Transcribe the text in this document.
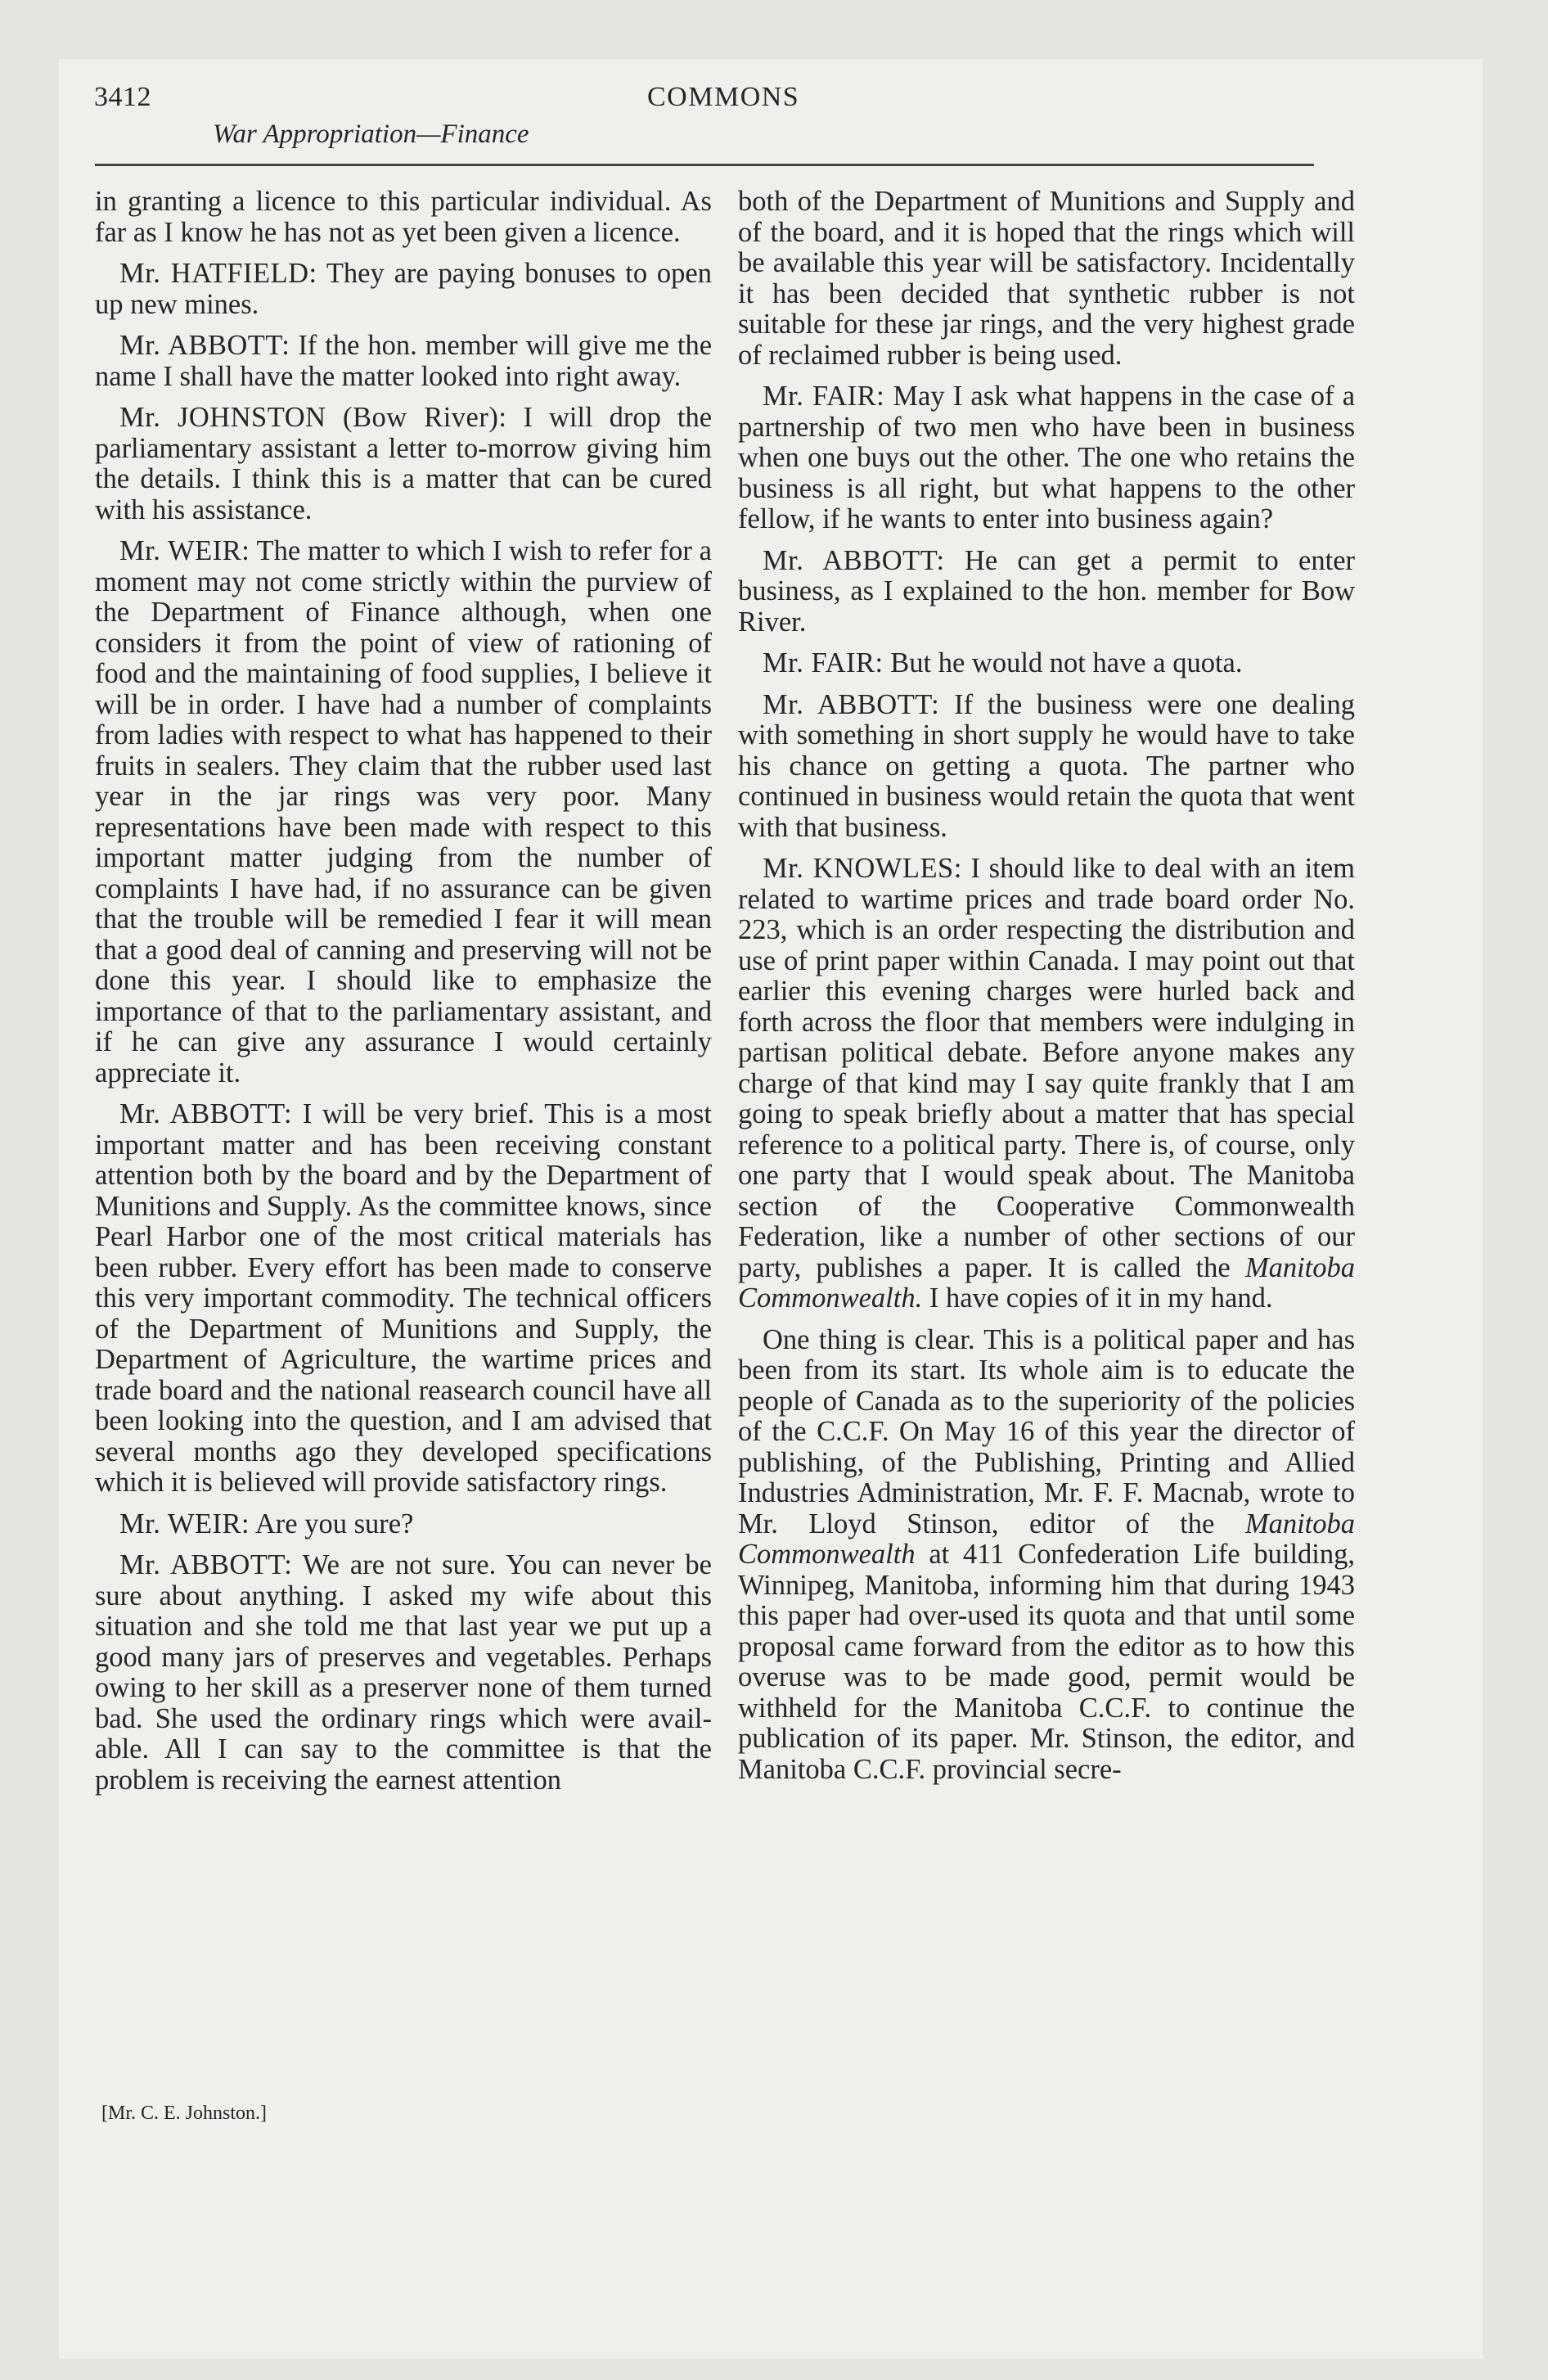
3412	COMMONS
War Appropriation—Finance

in granting a licence to this particular individual. As far as I know he has not as yet been given a licence.

Mr. HATFIELD: They are paying bonuses to open up new mines.

Mr. ABBOTT: If the hon. member will give me the name I shall have the matter looked into right away.

Mr. JOHNSTON (Bow River): I will drop the parliamentary assistant a letter to-morrow giving him the details. I think this is a matter that can be cured with his assistance.

Mr. WEIR: The matter to which I wish to refer for a moment may not come strictly within the purview of the Department of Finance although, when one considers it from the point of view of rationing of food and the maintaining of food supplies, I believe it will be in order. I have had a number of complaints from ladies with respect to what has happened to their fruits in sealers. They claim that the rubber used last year in the jar rings was very poor. Many representations have been made with respect to this important matter judging from the number of complaints I have had, if no assurance can be given that the trouble will be remedied I fear it will mean that a good deal of canning and preserving will not be done this year. I should like to emphasize the importance of that to the parliamentary assistant, and if he can give any assurance I would certainly appreciate it.

Mr. ABBOTT: I will be very brief. This is a most important matter and has been receiving constant attention both by the board and by the Department of Munitions and Supply. As the committee knows, since Pearl Harbor one of the most critical materials has been rubber. Every effort has been made to conserve this very important commodity. The technical officers of the Department of Munitions and Supply, the Department of Agriculture, the wartime prices and trade board and the national reasearch council have all been looking into the question, and I am advised that several months ago they developed specifications which it is believed will provide satisfactory rings.

Mr. WEIR: Are you sure?

Mr. ABBOTT: We are not sure. You can never be sure about anything. I asked my wife about this situation and she told me that last year we put up a good many jars of preserves and vegetables. Perhaps owing to her skill as a preserver none of them turned bad. She used the ordinary rings which were available. All I can say to the committee is that the problem is receiving the earnest attention

both of the Department of Munitions and Supply and of the board, and it is hoped that the rings which will be available this year will be satisfactory. Incidentally it has been decided that synthetic rubber is not suitable for these jar rings, and the very highest grade of reclaimed rubber is being used.

Mr. FAIR: May I ask what happens in the case of a partnership of two men who have been in business when one buys out the other. The one who retains the business is all right, but what happens to the other fellow, if he wants to enter into business again?

Mr. ABBOTT: He can get a permit to enter business, as I explained to the hon. member for Bow River.

Mr. FAIR: But he would not have a quota.

Mr. ABBOTT: If the business were one dealing with something in short supply he would have to take his chance on getting a quota. The partner who continued in business would retain the quota that went with that business.

Mr. KNOWLES: I should like to deal with an item related to wartime prices and trade board order No. 223, which is an order respecting the distribution and use of print paper within Canada. I may point out that earlier this evening charges were hurled back and forth across the floor that members were indulging in partisan political debate. Before anyone makes any charge of that kind may I say quite frankly that I am going to speak briefly about a matter that has special reference to a political party. There is, of course, only one party that I would speak about. The Manitoba section of the Cooperative Commonwealth Federation, like a number of other sections of our party, publishes a paper. It is called the Manitoba Commonwealth. I have copies of it in my hand.

One thing is clear. This is a political paper and has been from its start. Its whole aim is to educate the people of Canada as to the superiority of the policies of the C.C.F. On May 16 of this year the director of publishing, of the Publishing, Printing and Allied Industries Administration, Mr. F. F. Macnab, wrote to Mr. Lloyd Stinson, editor of the Manitoba Commonwealth at 411 Confederation Life building, Winnipeg, Manitoba, informing him that during 1943 this paper had over-used its quota and that until some proposal came forward from the editor as to how this overuse was to be made good, permit would be withheld for the Manitoba C.C.F. to continue the publication of its paper. Mr. Stinson, the editor, and Manitoba C.C.F. provincial secre-

[Mr. C. E. Johnston.]
